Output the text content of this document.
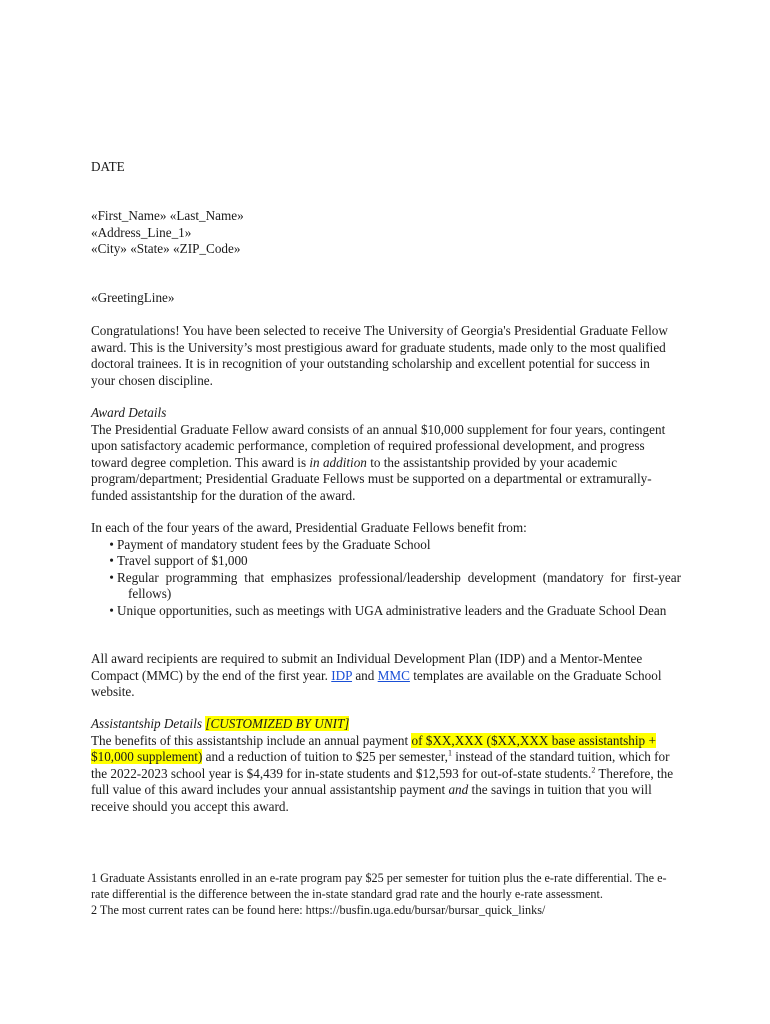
DATE

«First_Name» «Last_Name»

«Address_Line_1»

«City» «State» «ZIP_Code»

«GreetingLine»

Congratulations! You have been selected to receive The University of Georgia's Presidential Graduate Fellow award. This is the University’s most prestigious award for graduate students, made only to the most qualified doctoral trainees. It is in recognition of your outstanding scholarship and excellent potential for success in your chosen discipline.

Award Details

The Presidential Graduate Fellow award consists of an annual $10,000 supplement for four years, contingent upon satisfactory academic performance, completion of required professional development, and progress toward degree completion. This award is in addition to the assistantship provided by your academic program/department; Presidential Graduate Fellows must be supported on a departmental or extramurally-funded assistantship for the duration of the award.

In each of the four years of the award, Presidential Graduate Fellows benefit from:

• Payment of mandatory student fees by the Graduate School
• Travel support of $1,000
• Regular programming that emphasizes professional/leadership development (mandatory for first-year fellows)
• Unique opportunities, such as meetings with UGA administrative leaders and the Graduate School Dean

All award recipients are required to submit an Individual Development Plan (IDP) and a Mentor-Mentee Compact (MMC) by the end of the first year. IDP and MMC templates are available on the Graduate School website.

Assistantship Details [CUSTOMIZED BY UNIT]

The benefits of this assistantship include an annual payment of $XX,XXX ($XX,XXX base assistantship + $10,000 supplement) and a reduction of tuition to $25 per semester,$^1$ instead of the standard tuition, which for the 2022-2023 school year is $4,439 for in-state students and $12,593 for out-of-state students.$^2$ Therefore, the full value of this award includes your annual assistantship payment and the savings in tuition that you will receive should you accept this award.

1 Graduate Assistants enrolled in an e-rate program pay $25 per semester for tuition plus the e-rate differential. The e-rate differential is the difference between the in-state standard grad rate and the hourly e-rate assessment.

2 The most current rates can be found here: https://busfin.uga.edu/bursar/bursar_quick_links/
